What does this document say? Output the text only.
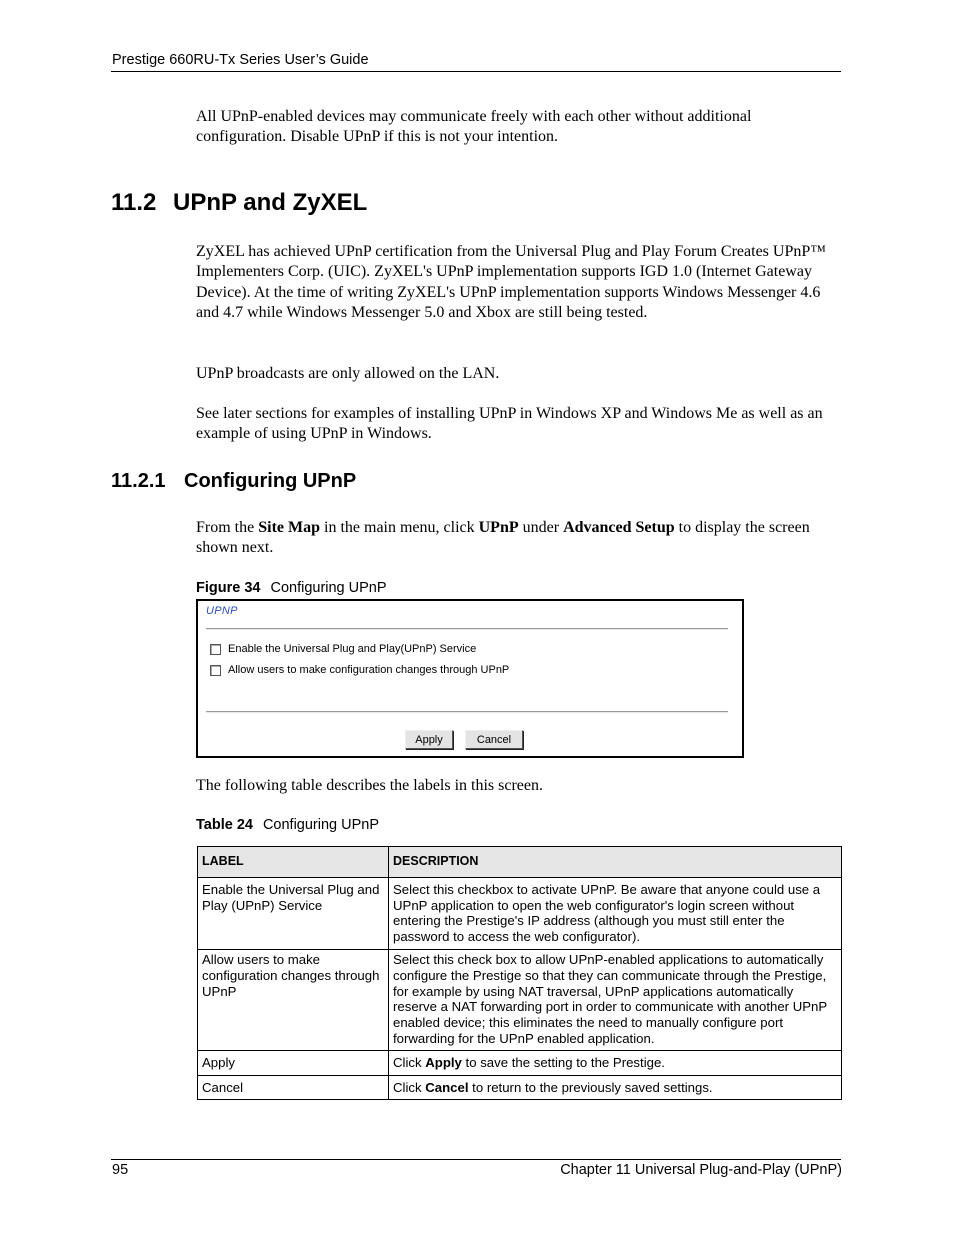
Prestige 660RU-Tx Series User’s Guide
All UPnP-enabled devices may communicate freely with each other without additional configuration. Disable UPnP if this is not your intention.
11.2 UPnP and ZyXEL
ZyXEL has achieved UPnP certification from the Universal Plug and Play Forum Creates UPnP™ Implementers Corp. (UIC). ZyXEL's UPnP implementation supports IGD 1.0 (Internet Gateway Device). At the time of writing ZyXEL's UPnP implementation supports Windows Messenger 4.6 and 4.7 while Windows Messenger 5.0 and Xbox are still being tested.
UPnP broadcasts are only allowed on the LAN.
See later sections for examples of installing UPnP in Windows XP and Windows Me as well as an example of using UPnP in Windows.
11.2.1 Configuring UPnP
From the Site Map in the main menu, click UPnP under Advanced Setup to display the screen shown next.
Figure 34 Configuring UPnP
UPNP
Enable the Universal Plug and Play(UPnP) Service
Allow users to make configuration changes through UPnP
Apply	Cancel
The following table describes the labels in this screen.
Table 24 Configuring UPnP
LABEL	DESCRIPTION
Enable the Universal Plug and Play (UPnP) Service	Select this checkbox to activate UPnP. Be aware that anyone could use a UPnP application to open the web configurator's login screen without entering the Prestige's IP address (although you must still enter the password to access the web configurator).
Allow users to make configuration changes through UPnP	Select this check box to allow UPnP-enabled applications to automatically configure the Prestige so that they can communicate through the Prestige, for example by using NAT traversal, UPnP applications automatically reserve a NAT forwarding port in order to communicate with another UPnP enabled device; this eliminates the need to manually configure port forwarding for the UPnP enabled application.
Apply	Click Apply to save the setting to the Prestige.
Cancel	Click Cancel to return to the previously saved settings.
95	Chapter 11 Universal Plug-and-Play (UPnP)
